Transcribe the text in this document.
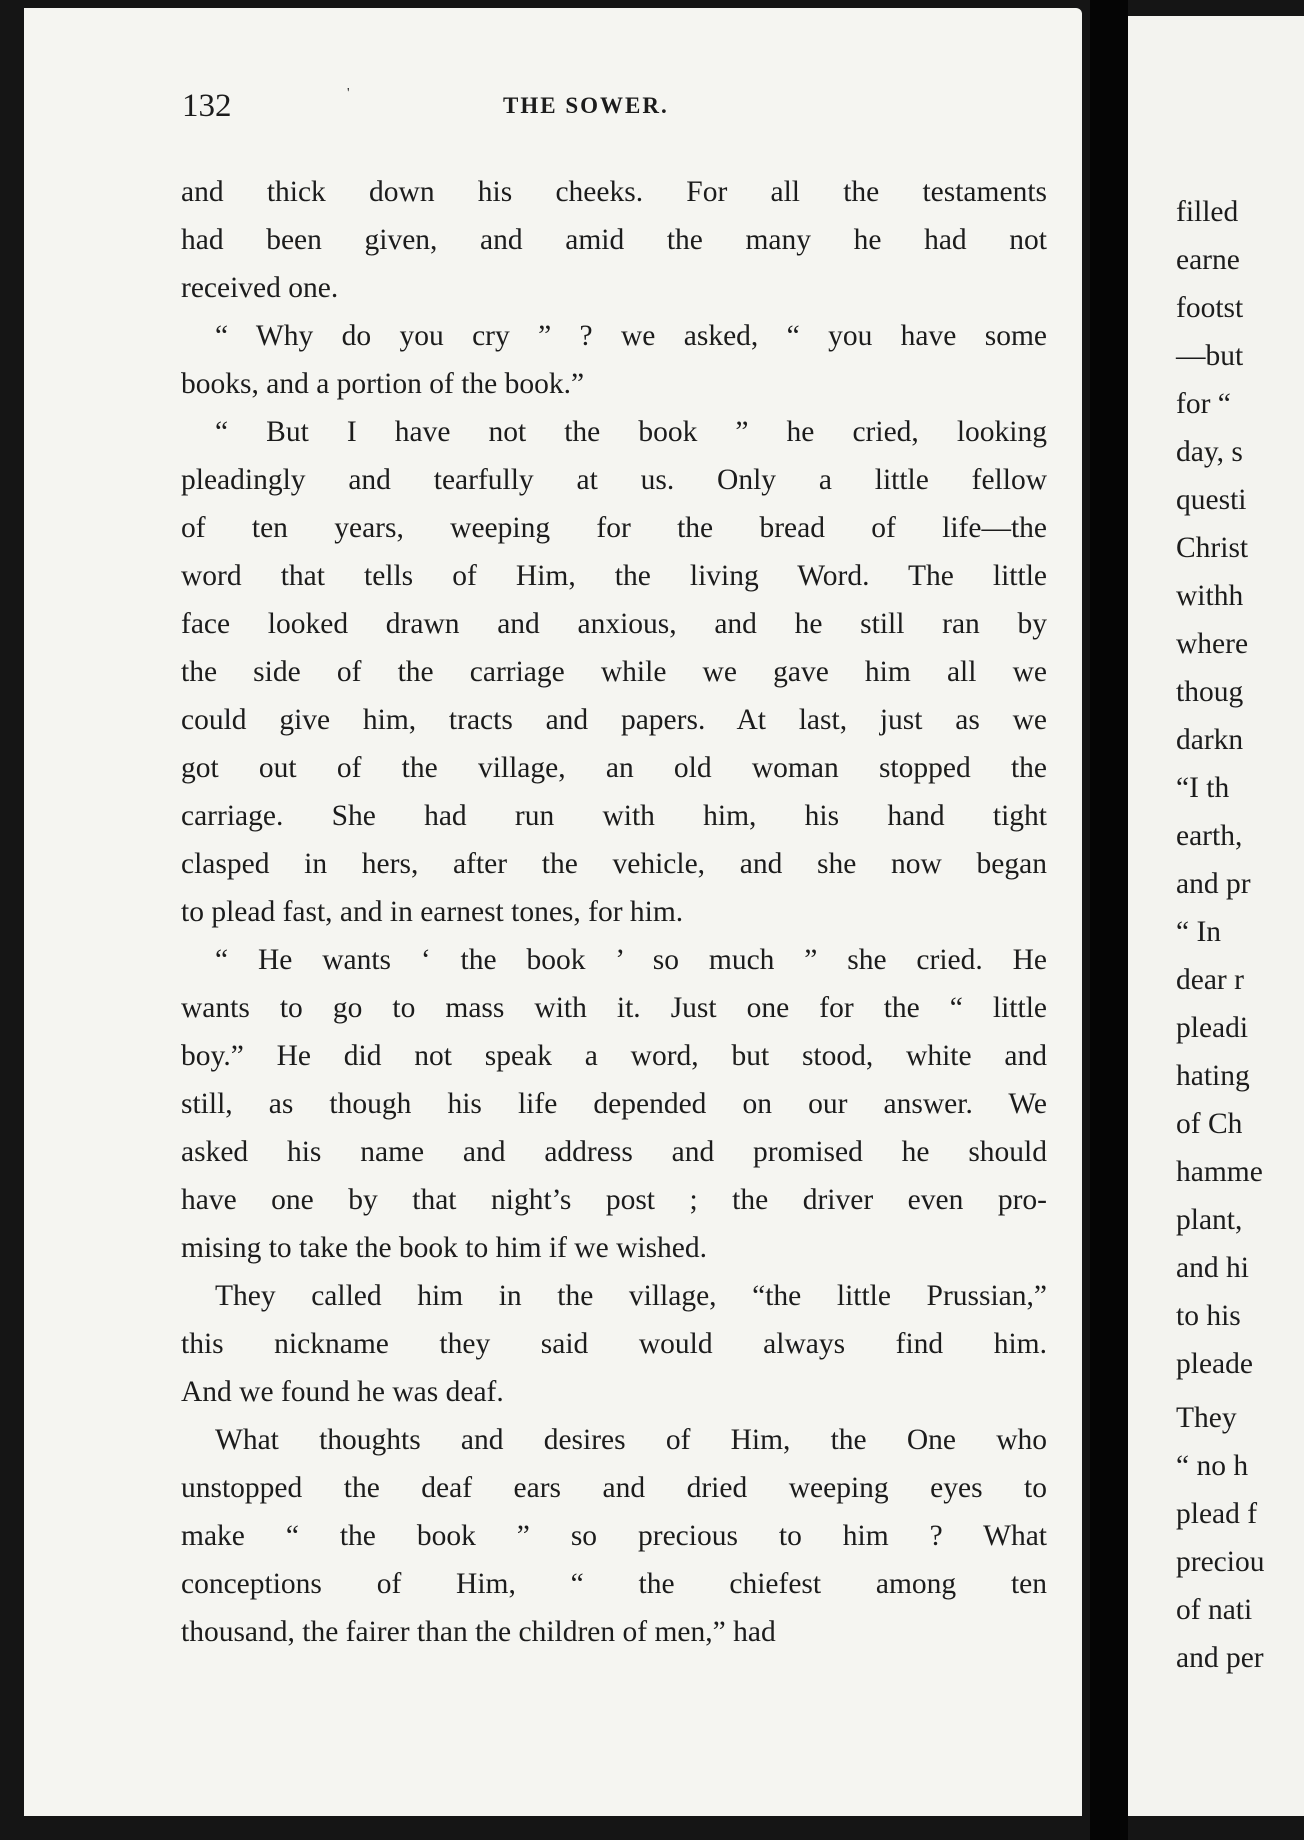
filled
earne
footst
—but
for “
day, s
questi
Christ
withh
where
thoug
darkn
“I th
earth,
and pr
“ In
dear r
pleadi
hating
of Ch
hamme
plant,
and hi
to his
pleade
They
“ no h
plead f
preciou
of nati
and per
132	'	THE SOWER.
and thick down his cheeks. For all the testaments
had been given, and amid the many he had not
received one.
“ Why do you cry ” ? we asked, “ you have some
books, and a portion of the book.”
“ But I have not the book ” he cried, looking
pleadingly and tearfully at us. Only a little fellow
of ten years, weeping for the bread of life—the
word that tells of Him, the living Word. The little
face looked drawn and anxious, and he still ran by
the side of the carriage while we gave him all we
could give him, tracts and papers. At last, just as we
got out of the village, an old woman stopped the
carriage. She had run with him, his hand tight
clasped in hers, after the vehicle, and she now began
to plead fast, and in earnest tones, for him.
“ He wants ‘ the book ’ so much ” she cried. He
wants to go to mass with it. Just one for the “ little
boy.” He did not speak a word, but stood, white and
still, as though his life depended on our answer. We
asked his name and address and promised he should
have one by that night’s post ; the driver even pro-
mising to take the book to him if we wished.
They called him in the village, “the little Prussian,”
this nickname they said would always find him.
And we found he was deaf.
What thoughts and desires of Him, the One who
unstopped the deaf ears and dried weeping eyes to
make “ the book ” so precious to him ? What
conceptions of Him, “ the chiefest among ten
thousand, the fairer than the children of men,” had
